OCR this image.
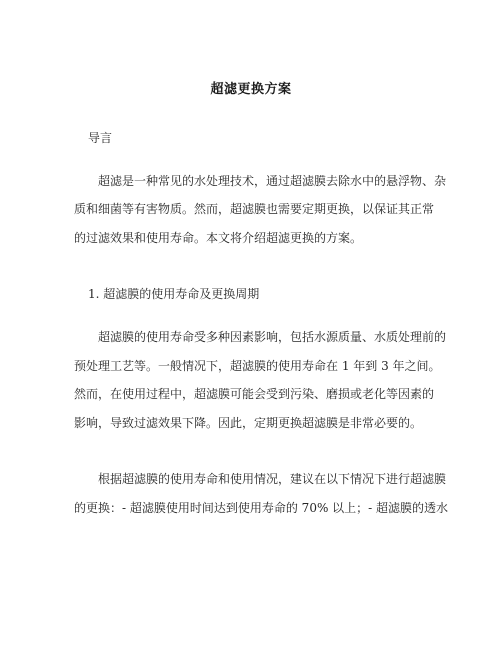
超滤更换方案
导言
　　超滤是一种常见的水处理技术，通过超滤膜去除水中的悬浮物、杂
质和细菌等有害物质。然而，超滤膜也需要定期更换，以保证其正常
的过滤效果和使用寿命。本文将介绍超滤更换的方案。
1. 超滤膜的使用寿命及更换周期
　　超滤膜的使用寿命受多种因素影响，包括水源质量、水质处理前的
预处理工艺等。一般情况下，超滤膜的使用寿命在 1 年到 3 年之间。
然而，在使用过程中，超滤膜可能会受到污染、磨损或老化等因素的
影响，导致过滤效果下降。因此，定期更换超滤膜是非常必要的。
　　根据超滤膜的使用寿命和使用情况，建议在以下情况下进行超滤膜
的更换：- 超滤膜使用时间达到使用寿命的 70% 以上；- 超滤膜的透水
